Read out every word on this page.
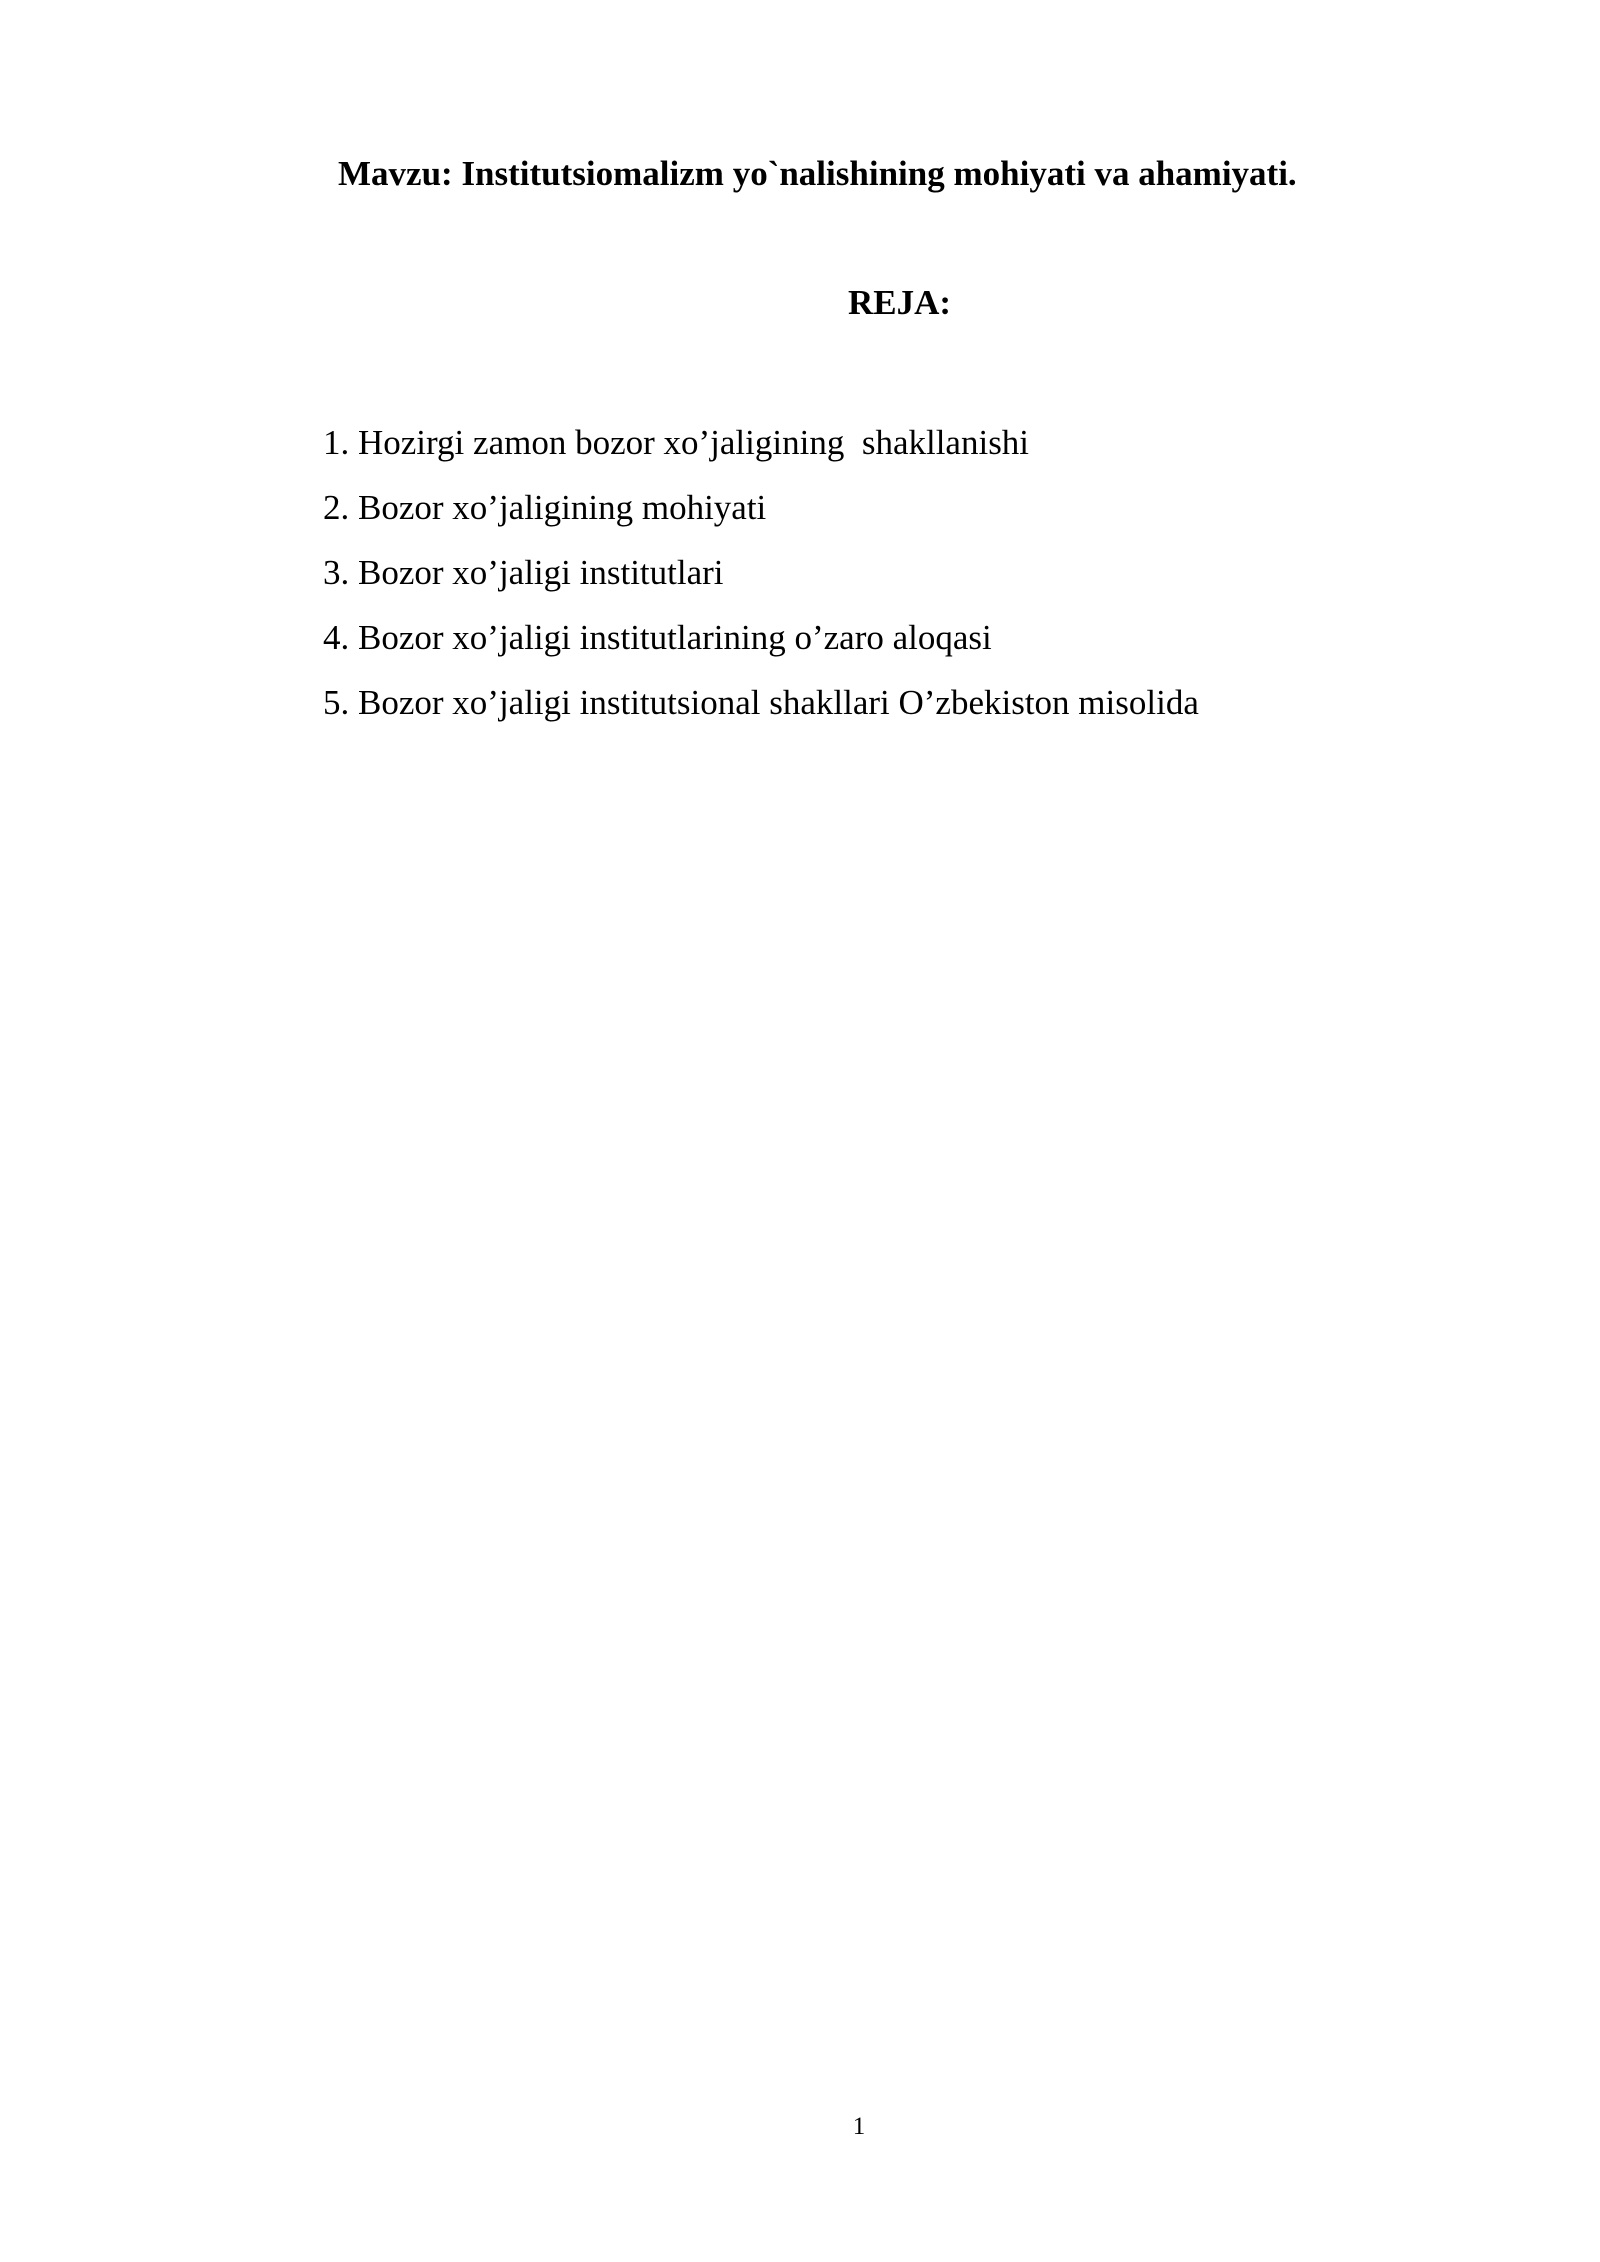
Mavzu: Institutsiomalizm yo`nalishining mohiyati va ahamiyati.
REJA:
1. Hozirgi zamon bozor xo’jaligining  shakllanishi
2. Bozor xo’jaligining mohiyati
3. Bozor xo’jaligi institutlari
4. Bozor xo’jaligi institutlarining o’zaro aloqasi
5. Bozor xo’jaligi institutsional shakllari O’zbekiston misolida
1
